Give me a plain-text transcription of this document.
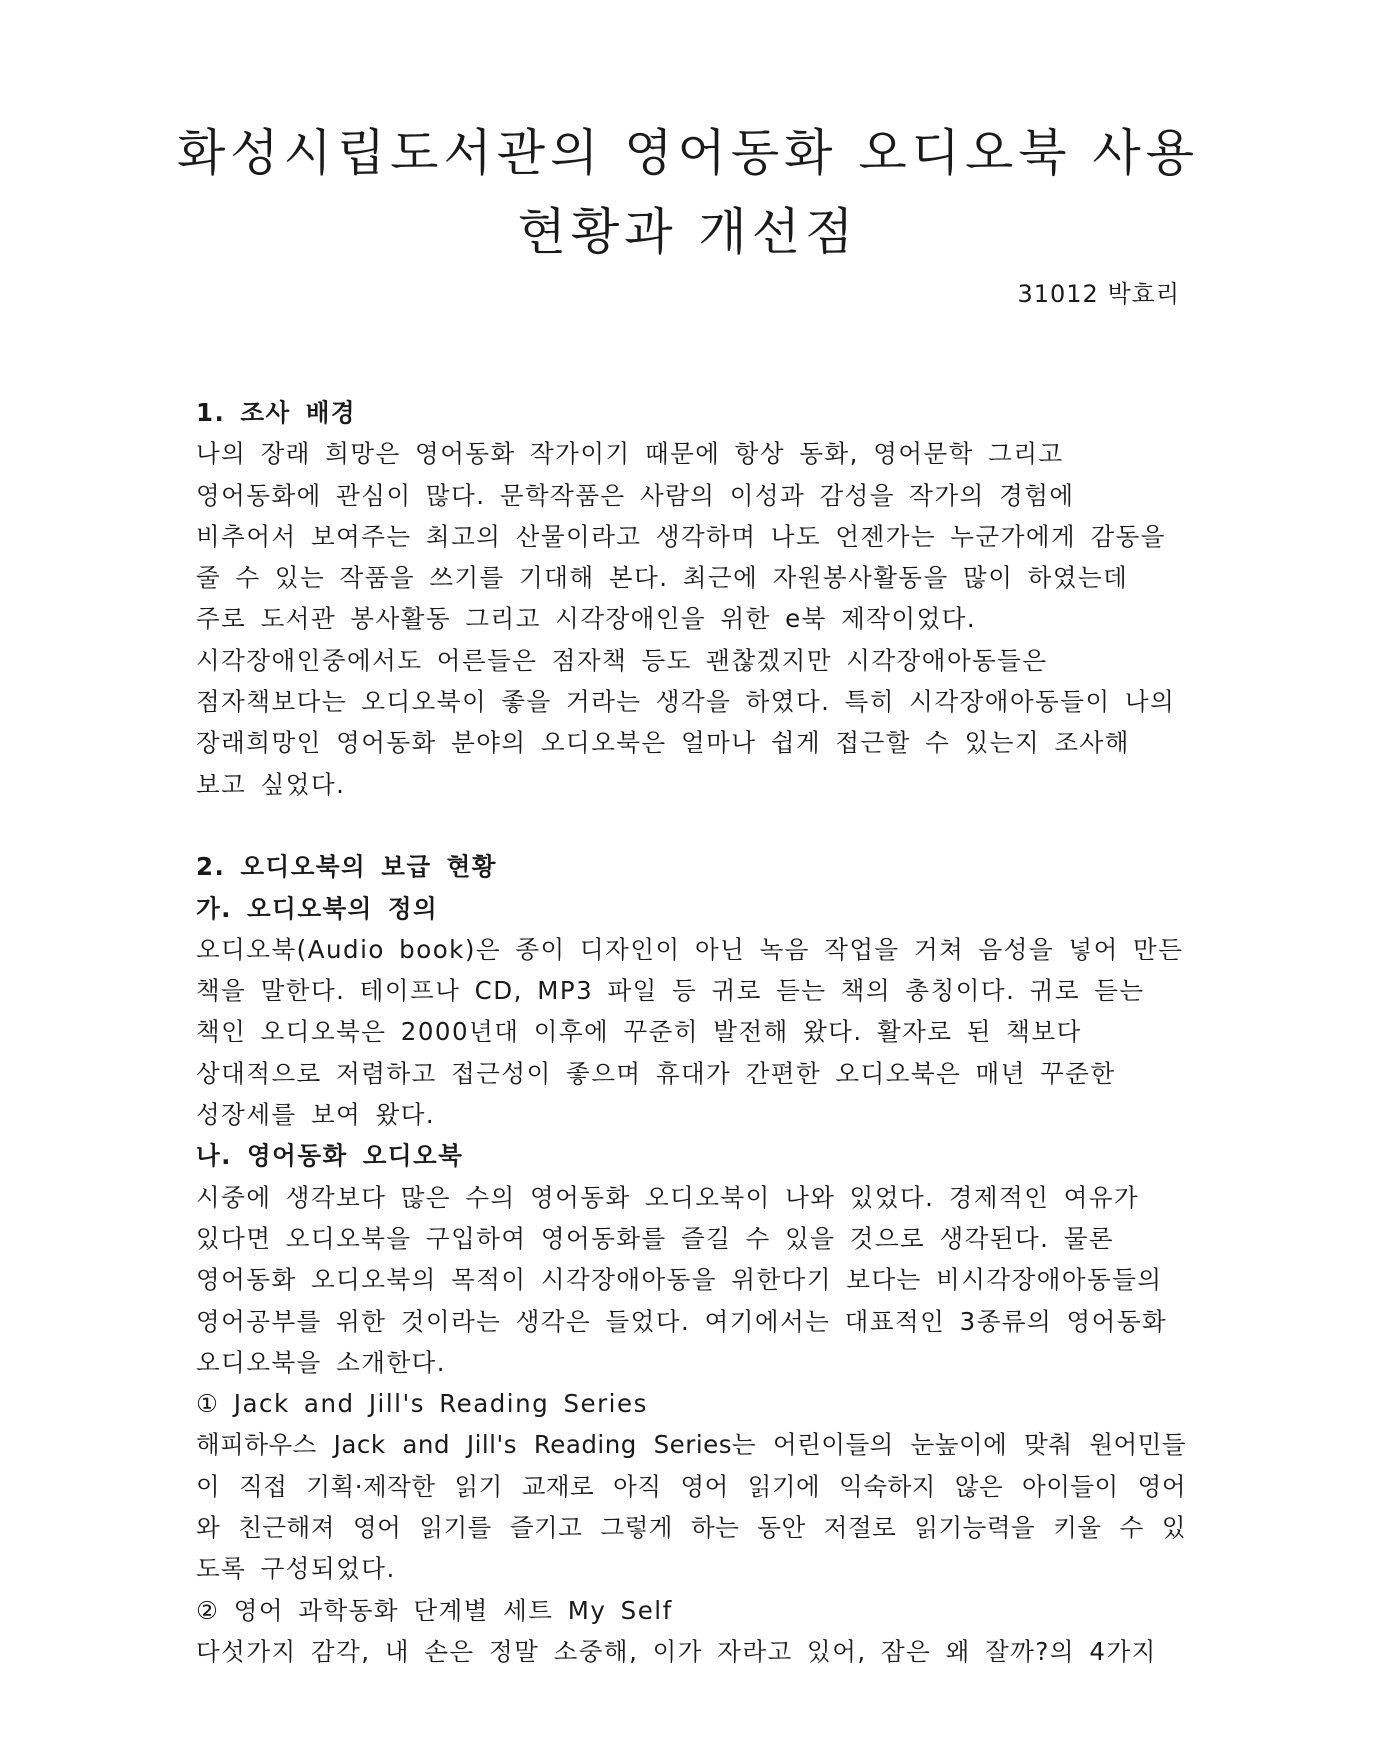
화성시립도서관의 영어동화 오디오북 사용
현황과 개선점
31012 박효리
1. 조사 배경
나의 장래 희망은 영어동화 작가이기 때문에 항상 동화, 영어문학 그리고
영어동화에 관심이 많다. 문학작품은 사람의 이성과 감성을 작가의 경험에
비추어서 보여주는 최고의 산물이라고 생각하며 나도 언젠가는 누군가에게 감동을
줄 수 있는 작품을 쓰기를 기대해 본다. 최근에 자원봉사활동을 많이 하였는데
주로 도서관 봉사활동 그리고 시각장애인을 위한 e북 제작이었다.
시각장애인중에서도 어른들은 점자책 등도 괜찮겠지만 시각장애아동들은
점자책보다는 오디오북이 좋을 거라는 생각을 하였다. 특히 시각장애아동들이 나의
장래희망인 영어동화 분야의 오디오북은 얼마나 쉽게 접근할 수 있는지 조사해
보고 싶었다.
2. 오디오북의 보급 현황
가. 오디오북의 정의
오디오북(Audio book)은 종이 디자인이 아닌 녹음 작업을 거쳐 음성을 넣어 만든
책을 말한다. 테이프나 CD, MP3 파일 등 귀로 듣는 책의 총칭이다. 귀로 듣는
책인 오디오북은 2000년대 이후에 꾸준히 발전해 왔다. 활자로 된 책보다
상대적으로 저렴하고 접근성이 좋으며 휴대가 간편한 오디오북은 매년 꾸준한
성장세를 보여 왔다.
나. 영어동화 오디오북
시중에 생각보다 많은 수의 영어동화 오디오북이 나와 있었다. 경제적인 여유가
있다면 오디오북을 구입하여 영어동화를 즐길 수 있을 것으로 생각된다. 물론
영어동화 오디오북의 목적이 시각장애아동을 위한다기 보다는 비시각장애아동들의
영어공부를 위한 것이라는 생각은 들었다. 여기에서는 대표적인 3종류의 영어동화
오디오북을 소개한다.
① Jack and Jill's Reading Series
해피하우스 Jack and Jill's Reading Series는 어린이들의 눈높이에 맞춰 원어민들
이 직접 기획·제작한 읽기 교재로 아직 영어 읽기에 익숙하지 않은 아이들이 영어
와 친근해져 영어 읽기를 즐기고 그렇게 하는 동안 저절로 읽기능력을 키울 수 있
도록 구성되었다.
② 영어 과학동화 단계별 세트 My Self
다섯가지 감각, 내 손은 정말 소중해, 이가 자라고 있어, 잠은 왜 잘까?의 4가지
